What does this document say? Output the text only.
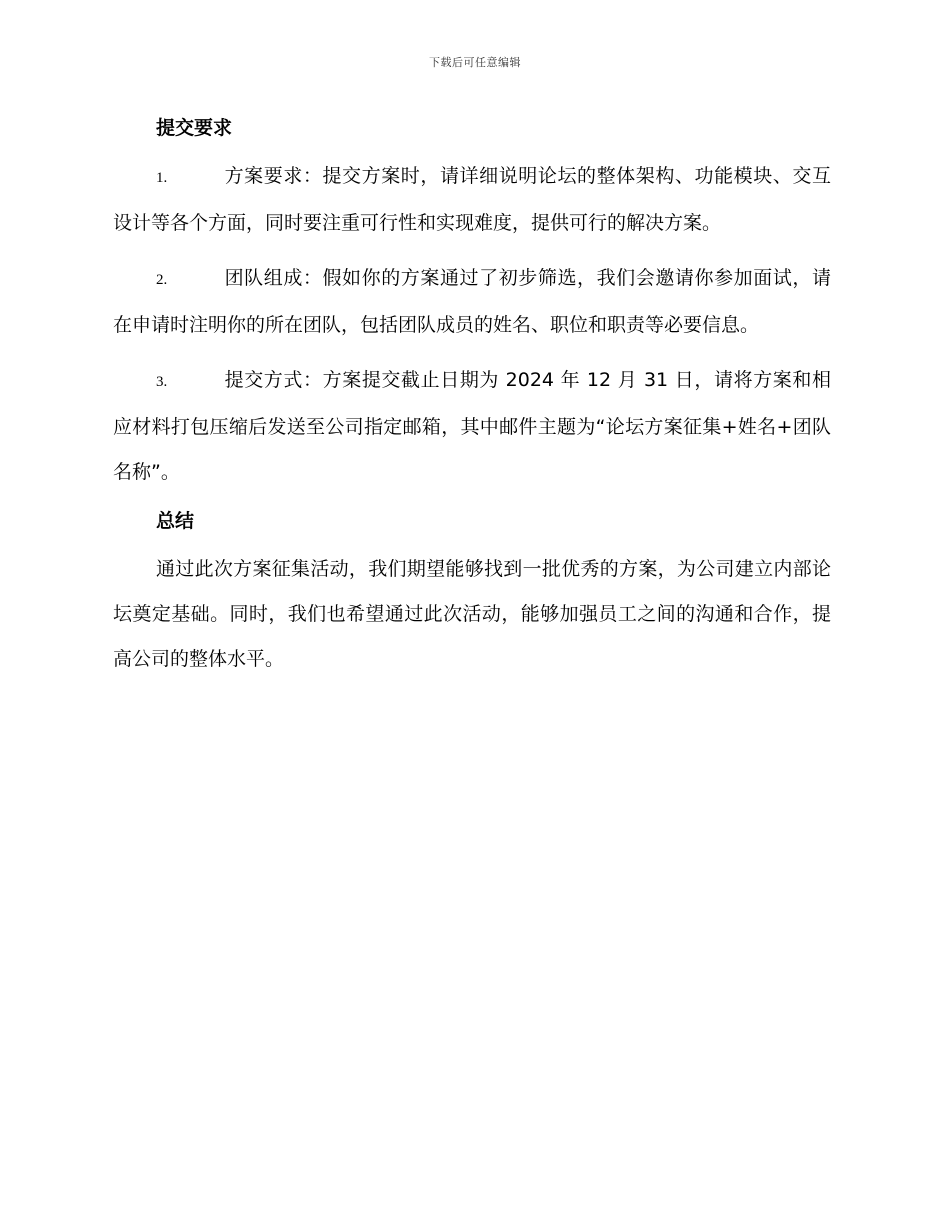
下载后可任意编辑
提交要求
1.	方案要求：提交方案时，请详细说明论坛的整体架构、功能模块、交互设计等各个方面，同时要注重可行性和实现难度，提供可行的解决方案。
2.	团队组成：假如你的方案通过了初步筛选，我们会邀请你参加面试，请在申请时注明你的所在团队，包括团队成员的姓名、职位和职责等必要信息。
3.	提交方式：方案提交截止日期为 2024 年 12 月 31 日，请将方案和相应材料打包压缩后发送至公司指定邮箱，其中邮件主题为“论坛方案征集+姓名+团队名称”。
总结

通过此次方案征集活动，我们期望能够找到一批优秀的方案，为公司建立内部论坛奠定基础。同时，我们也希望通过此次活动，能够加强员工之间的沟通和合作，提高公司的整体水平。
